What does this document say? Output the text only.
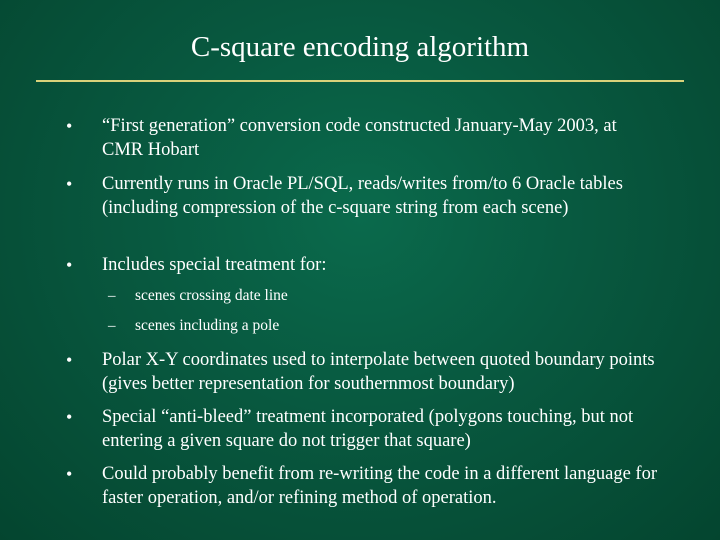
C-square encoding algorithm
• “First generation” conversion code constructed January-May 2003, at CMR Hobart
• Currently runs in Oracle PL/SQL, reads/writes from/to 6 Oracle tables (including compression of the c-square string from each scene)
• Includes special treatment for:
– scenes crossing date line
– scenes including a pole
• Polar X-Y coordinates used to interpolate between quoted boundary points (gives better representation for southernmost boundary)
• Special “anti-bleed” treatment incorporated (polygons touching, but not entering a given square do not trigger that square)
• Could probably benefit from re-writing the code in a different language for faster operation, and/or refining method of operation.
